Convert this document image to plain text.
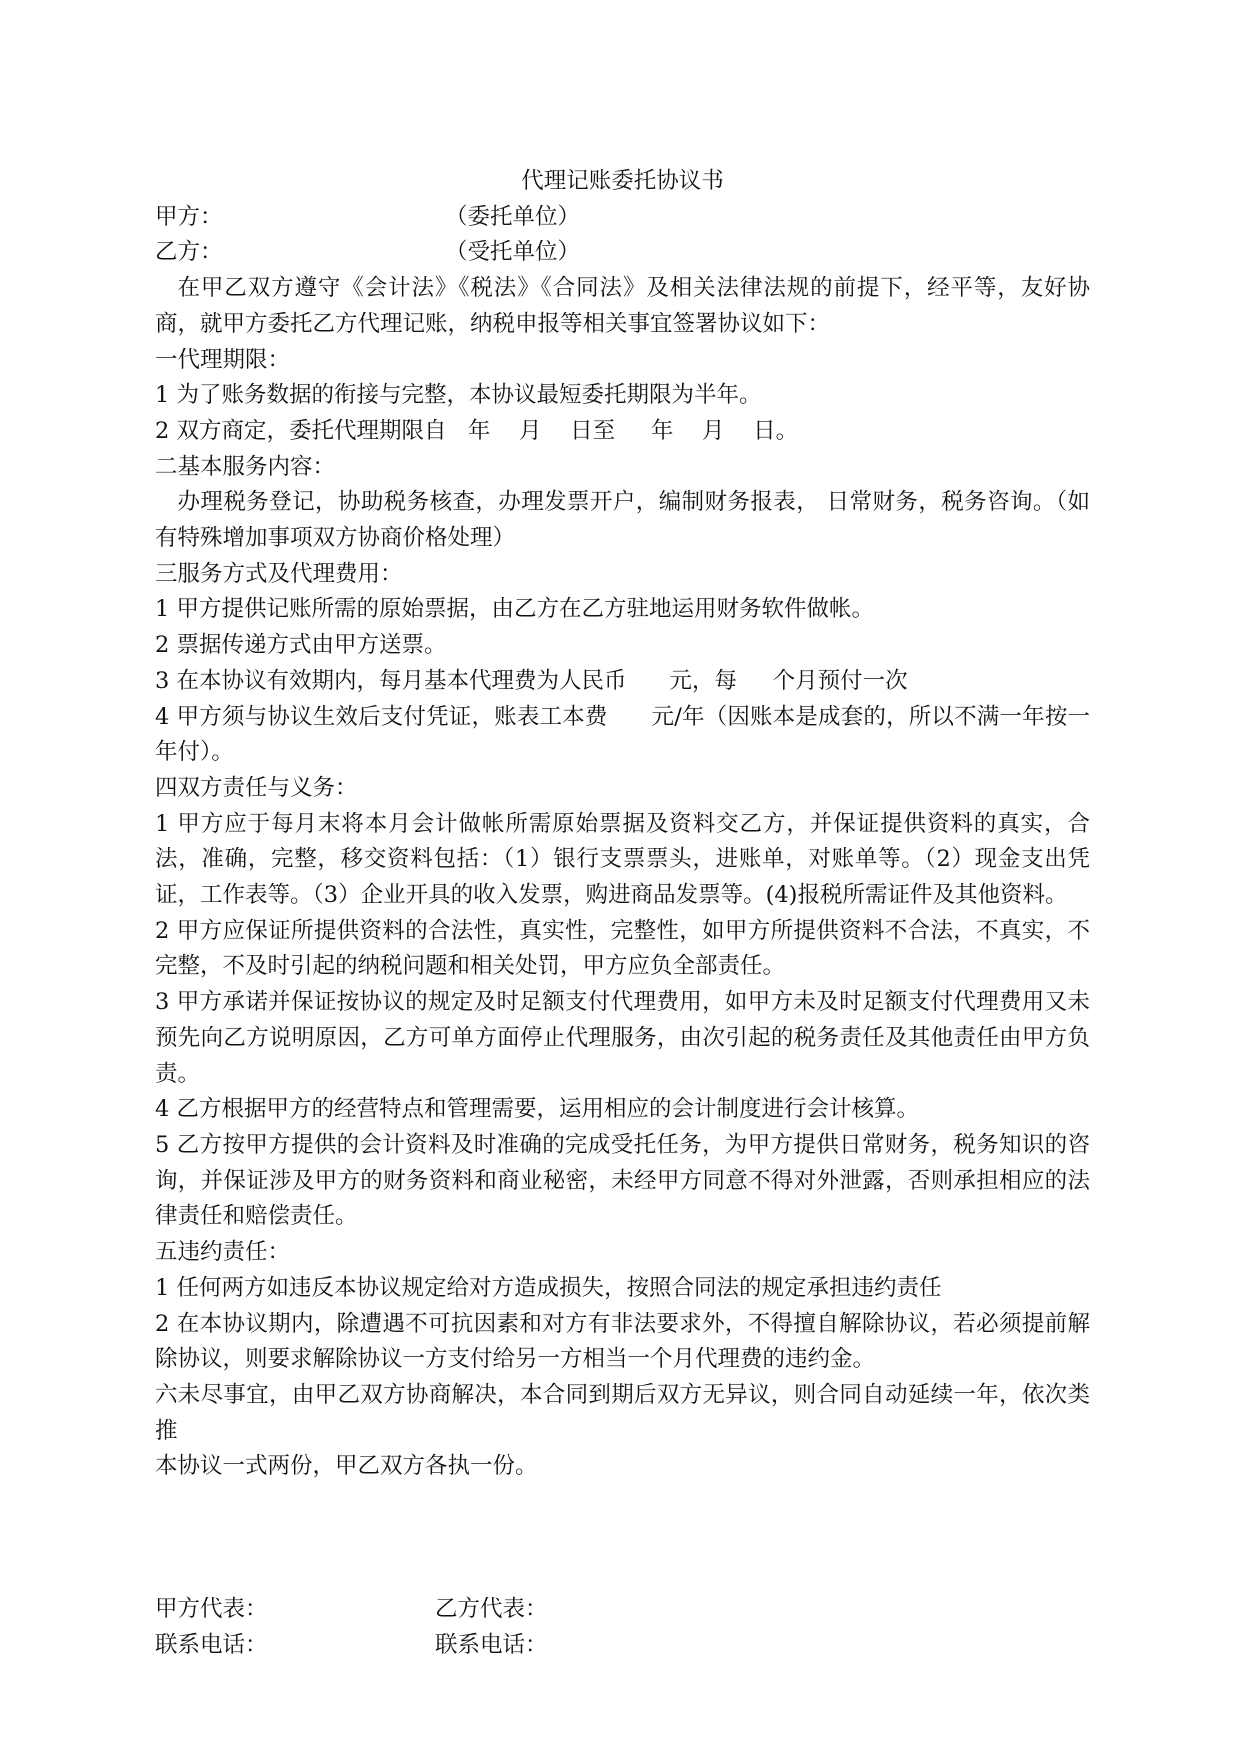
代理记账委托协议书

甲方：	（委托单位）

乙方：	（受托单位）

在甲乙双方遵守《会计法》《税法》《合同法》及相关法律法规的前提下，经平等，友好协商，就甲方委托乙方代理记账，纳税申报等相关事宜签署协议如下：

一代理期限：

1 为了账务数据的衔接与完整，本协议最短委托期限为半年。

2 双方商定，委托代理期限自   年    月    日至     年    月    日。

二基本服务内容：

办理税务登记，协助税务核查，办理发票开户，编制财务报表， 日常财务，税务咨询。（如有特殊增加事项双方协商价格处理）

三服务方式及代理费用：

1 甲方提供记账所需的原始票据，由乙方在乙方驻地运用财务软件做帐。

2 票据传递方式由甲方送票。

3 在本协议有效期内，每月基本代理费为人民币      元，每     个月预付一次

4 甲方须与协议生效后支付凭证，账表工本费      元/年（因账本是成套的，所以不满一年按一年付）。

四双方责任与义务：

1 甲方应于每月末将本月会计做帐所需原始票据及资料交乙方，并保证提供资料的真实，合法，准确，完整，移交资料包括：（1）银行支票票头，进账单，对账单等。（2）现金支出凭证，工作表等。（3）企业开具的收入发票，购进商品发票等。(4)报税所需证件及其他资料。

2 甲方应保证所提供资料的合法性，真实性，完整性，如甲方所提供资料不合法，不真实，不完整，不及时引起的纳税问题和相关处罚，甲方应负全部责任。

3 甲方承诺并保证按协议的规定及时足额支付代理费用，如甲方未及时足额支付代理费用又未预先向乙方说明原因，乙方可单方面停止代理服务，由次引起的税务责任及其他责任由甲方负责。

4 乙方根据甲方的经营特点和管理需要，运用相应的会计制度进行会计核算。

5 乙方按甲方提供的会计资料及时准确的完成受托任务，为甲方提供日常财务，税务知识的咨询，并保证涉及甲方的财务资料和商业秘密，未经甲方同意不得对外泄露，否则承担相应的法律责任和赔偿责任。

五违约责任：

1 任何两方如违反本协议规定给对方造成损失，按照合同法的规定承担违约责任

2 在本协议期内，除遭遇不可抗因素和对方有非法要求外，不得擅自解除协议，若必须提前解除协议，则要求解除协议一方支付给另一方相当一个月代理费的违约金。

六未尽事宜，由甲乙双方协商解决，本合同到期后双方无异议，则合同自动延续一年，依次类推

本协议一式两份，甲乙双方各执一份。

甲方代表：	乙方代表：

联系电话：	联系电话：
